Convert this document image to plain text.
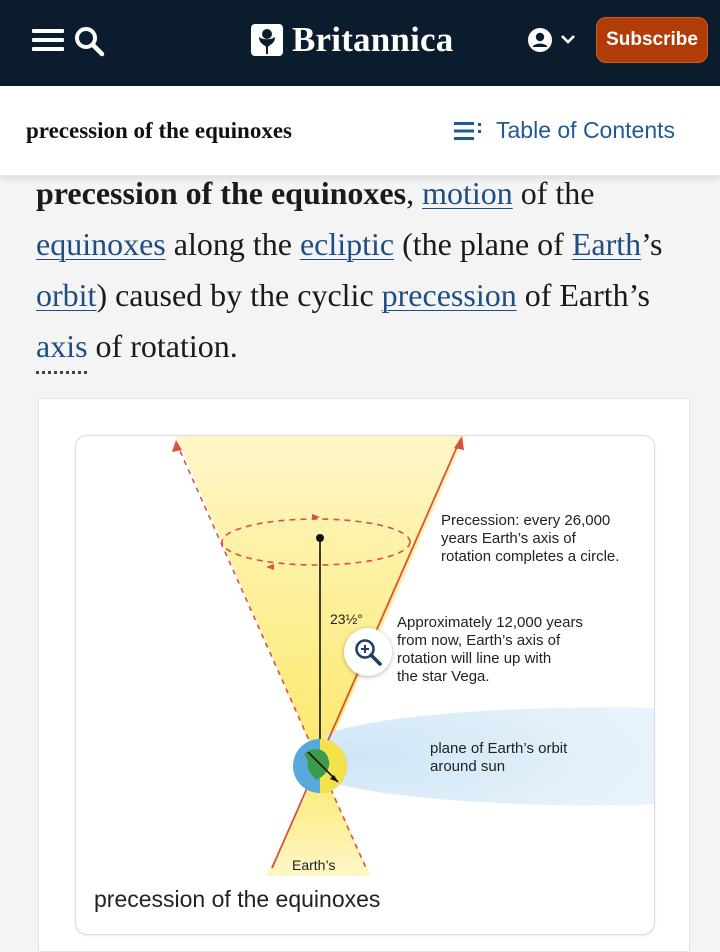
Britannica	Subscribe
precession of the equinoxes	Table of Contents
precession of the equinoxes, motion of the equinoxes along the ecliptic (the plane of Earth’s orbit) caused by the cyclic precession of Earth’s axis of rotation.
23½°
Precession: every 26,000
years Earth’s axis of
rotation completes a circle.
Approximately 12,000 years
from now, Earth’s axis of
rotation will line up with
the star Vega.
plane of Earth’s orbit
around sun
Earth’s
precession of the equinoxes
